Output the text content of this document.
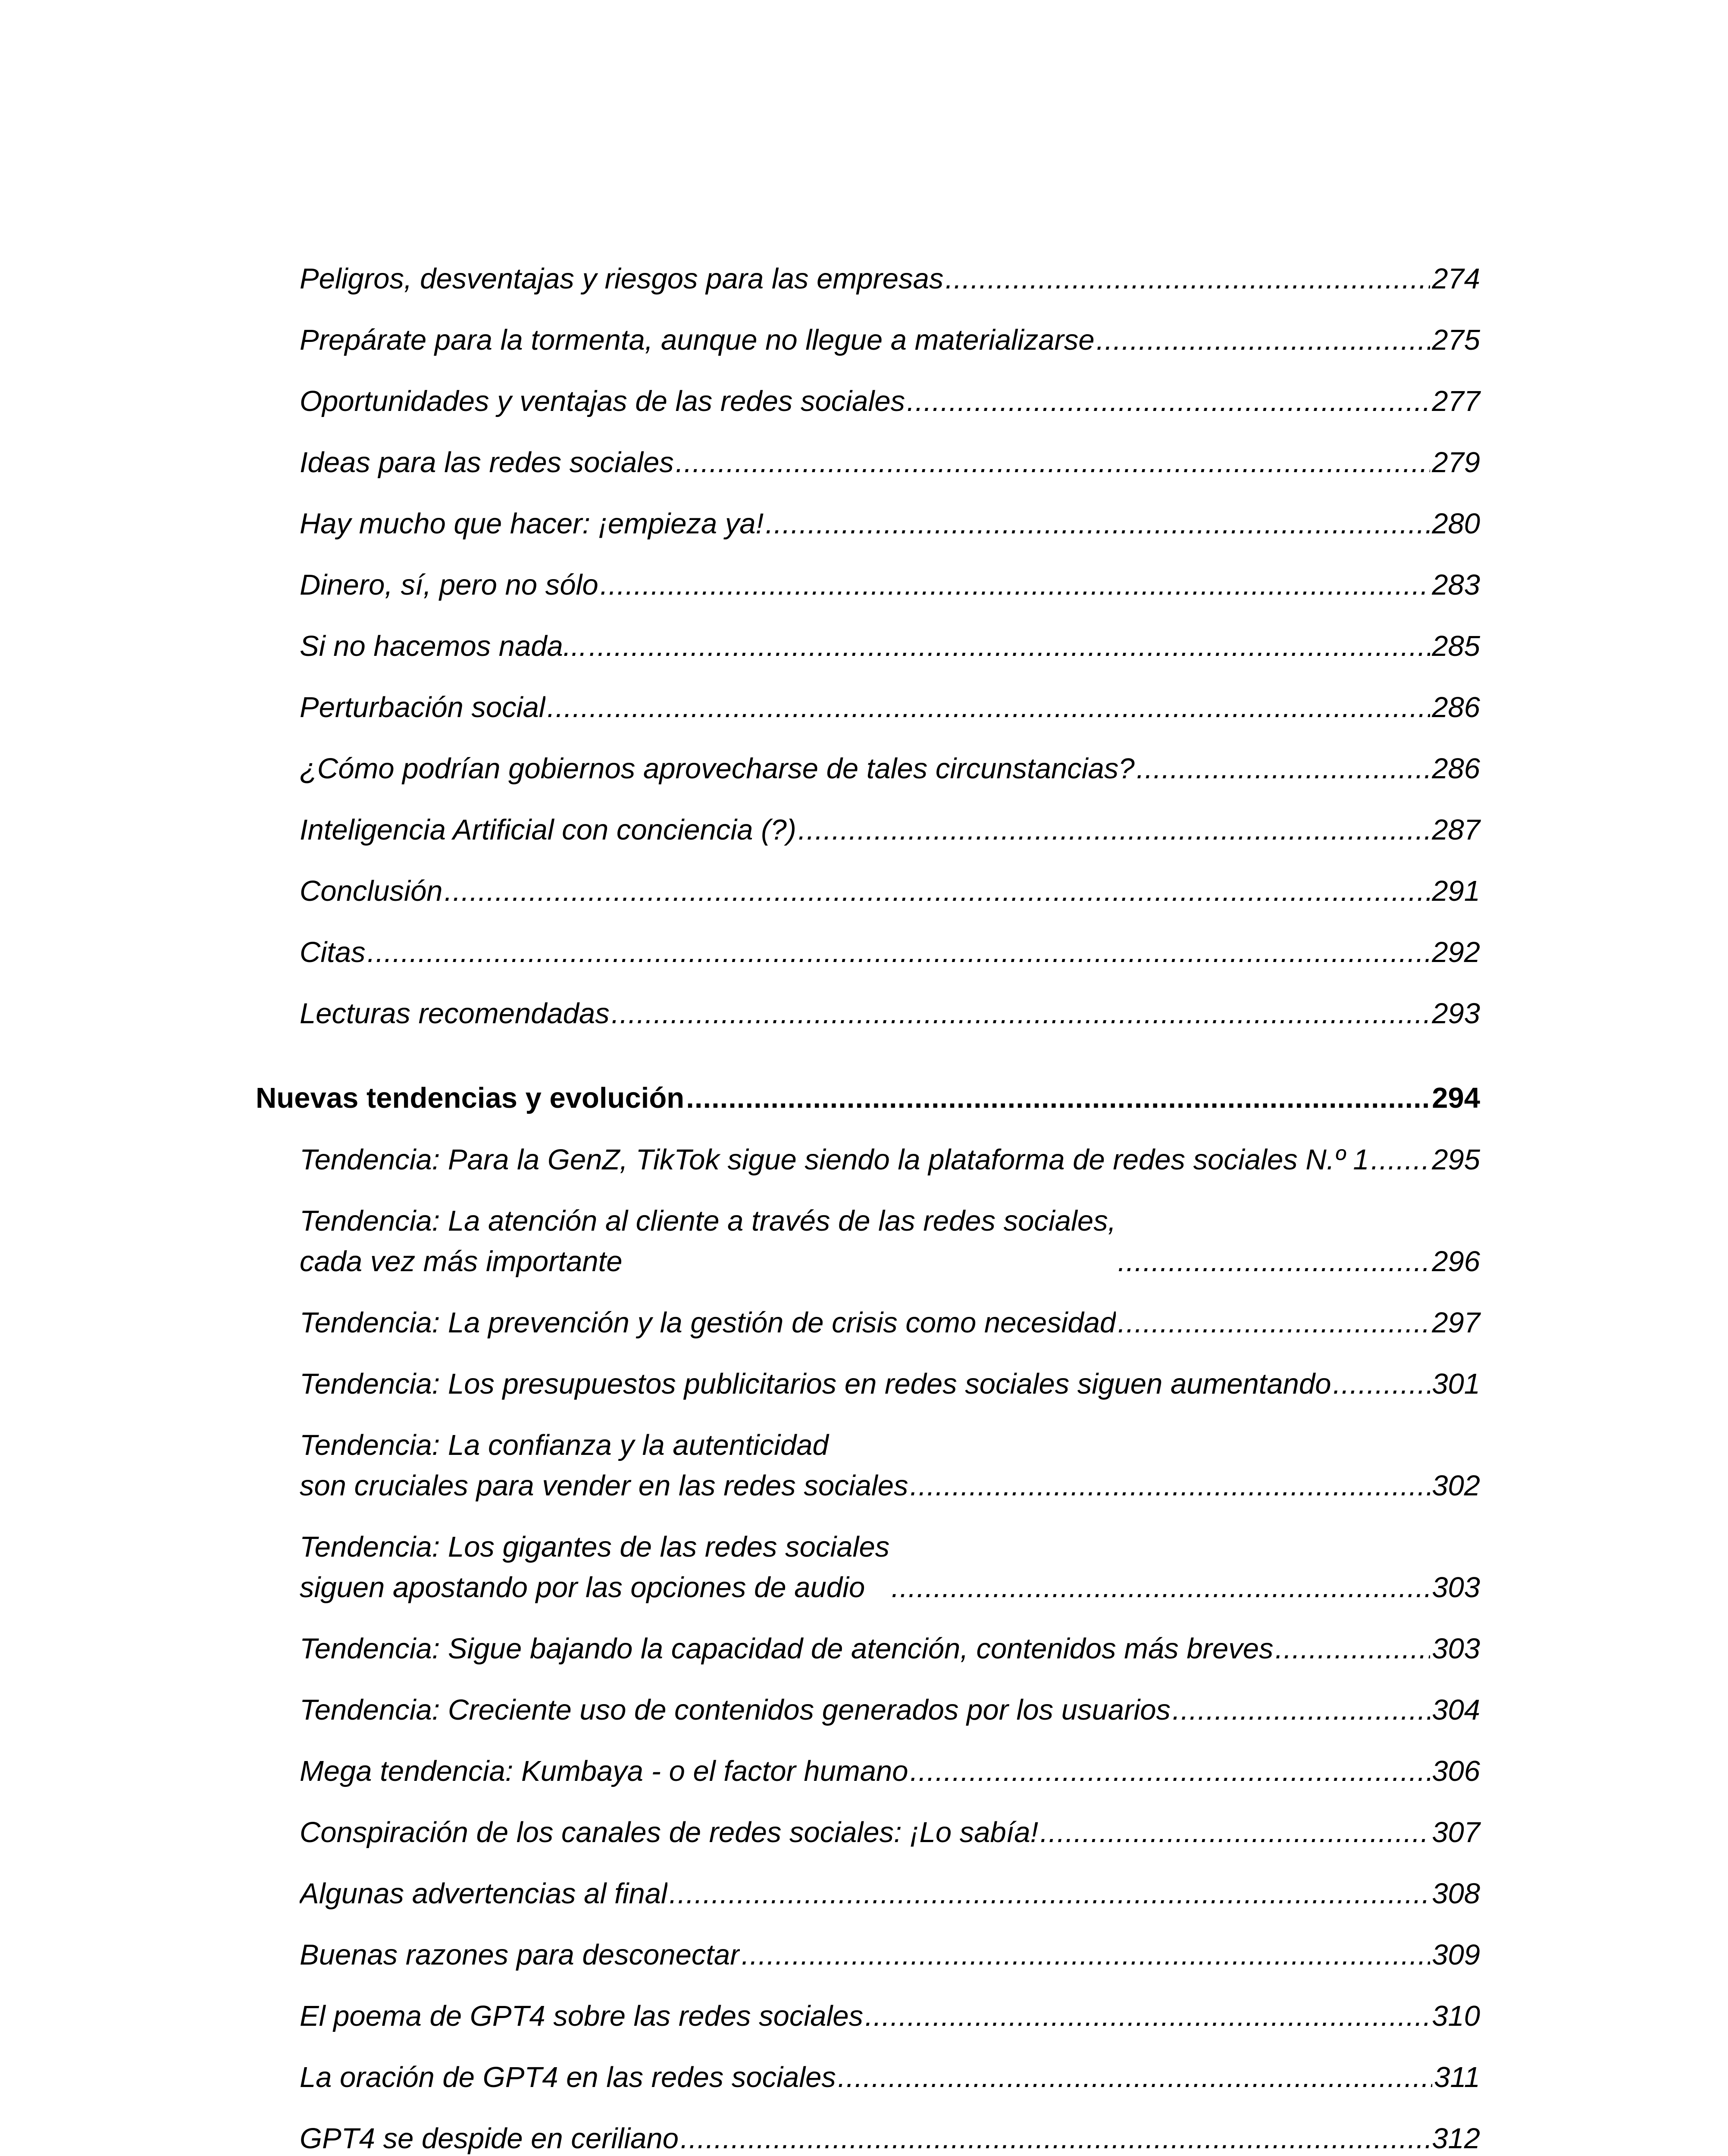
Peligros, desventajas y riesgos para las empresas .....	274
Prepárate para la tormenta, aunque no llegue a materializarse .....	275
Oportunidades y ventajas de las redes sociales .....	277
Ideas para las redes sociales .....	279
Hay mucho que hacer: ¡empieza ya! .....	280
Dinero, sí, pero no sólo .....	283
Si no hacemos nada... .....	285
Perturbación social .....	286
¿Cómo podrían gobiernos aprovecharse de tales circunstancias? .....	286
Inteligencia Artificial con conciencia (?) .....	287
Conclusión .....	291
Citas .....	292
Lecturas recomendadas .....	293
Nuevas tendencias y evolución .....	294
Tendencia: Para la GenZ, TikTok sigue siendo la plataforma de redes sociales N.º 1 ..... 295
Tendencia: La atención al cliente a través de las redes sociales,
cada vez más importante .....	296
Tendencia: La prevención y la gestión de crisis como necesidad .....	297
Tendencia: Los presupuestos publicitarios en redes sociales siguen aumentando .....	301
Tendencia: La confianza y la autenticidad
son cruciales para vender en las redes sociales .....	302
Tendencia: Los gigantes de las redes sociales
siguen apostando por las opciones de audio .....	303
Tendencia: Sigue bajando la capacidad de atención, contenidos más breves .....	303
Tendencia: Creciente uso de contenidos generados por los usuarios .....	304
Mega tendencia: Kumbaya - o el factor humano .....	306
Conspiración de los canales de redes sociales: ¡Lo sabía! .....	307
Algunas advertencias al final .....	308
Buenas razones para desconectar .....	309
El poema de GPT4 sobre las redes sociales .....	310
La oración de GPT4 en las redes sociales .....	311
GPT4 se despide en ceriliano .....	312
